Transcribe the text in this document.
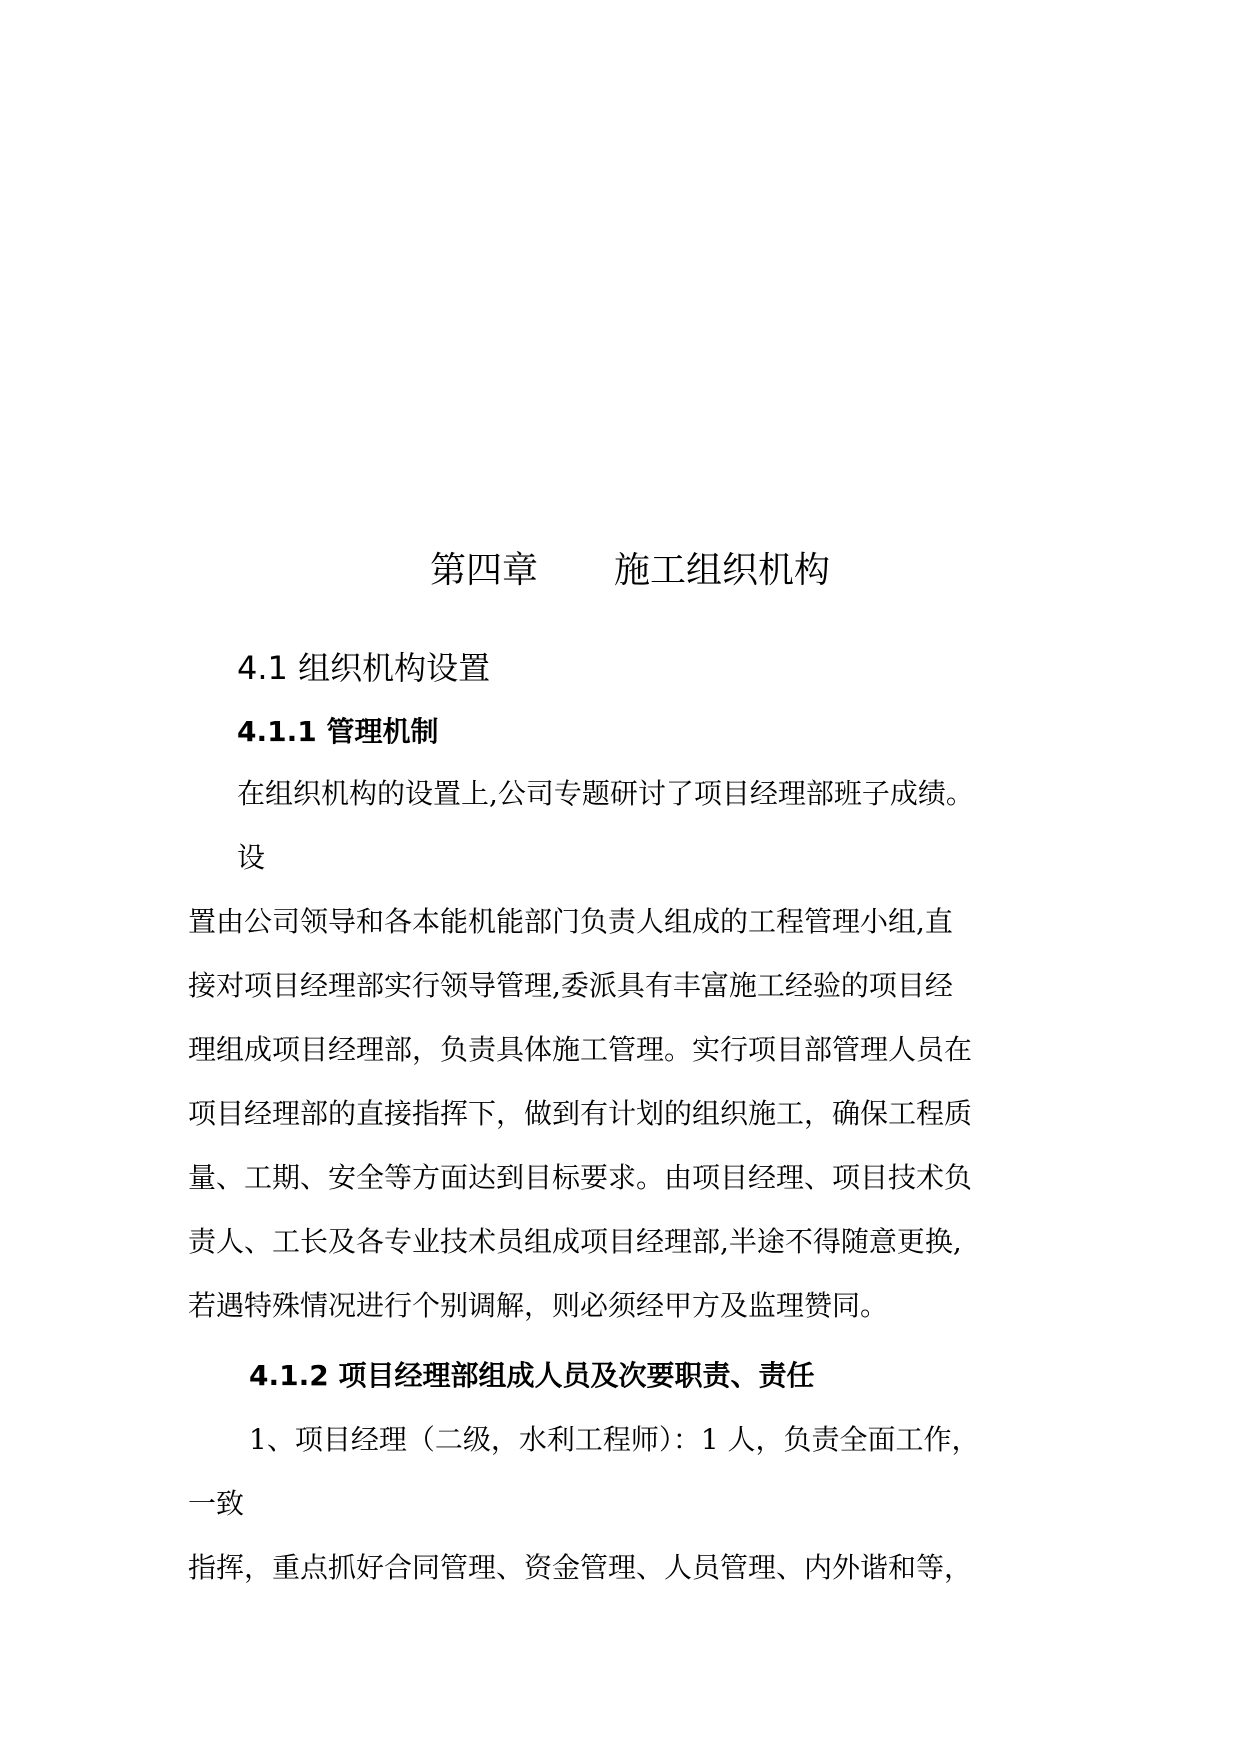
第四章 施工组织机构
4.1 组织机构设置
4.1.1 管理机制

在组织机构的设置上,公司专题研讨了项目经理部班子成绩。

设

置由公司领导和各本能机能部门负责人组成的工程管理小组,直

接对项目经理部实行领导管理,委派具有丰富施工经验的项目经

理组成项目经理部，负责具体施工管理。实行项目部管理人员在

项目经理部的直接指挥下，做到有计划的组织施工，确保工程质

量、工期、安全等方面达到目标要求。由项目经理、项目技术负

责人、工长及各专业技术员组成项目经理部,半途不得随意更换,

若遇特殊情况进行个别调解，则必须经甲方及监理赞同。

4.1.2 项目经理部组成人员及次要职责、责任

1、项目经理（二级，水利工程师）：1 人，负责全面工作，

一致

指挥，重点抓好合同管理、资金管理、人员管理、内外谐和等，
